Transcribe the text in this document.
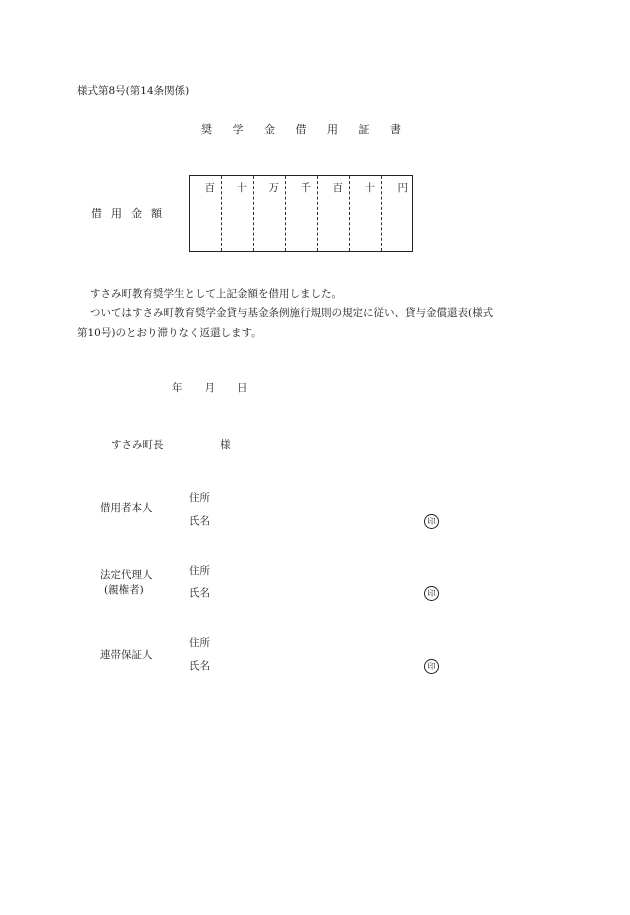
様式第8号(第14条関係)
奨 学 金 借 用 証 書
借 用 金 額
百 十 万 千 百 十 円
すさみ町教育奨学生として上記金額を借用しました。
ついてはすさみ町教育奨学金貸与基金条例施行規則の規定に従い、貸与金償還表(様式
第10号)のとおり滞りなく返還します。
年 月 日
すさみ町長	様
借用者本人
住所
氏名	印
法定代理人
(親権者)
住所
氏名	印
連帯保証人
住所
氏名	印
